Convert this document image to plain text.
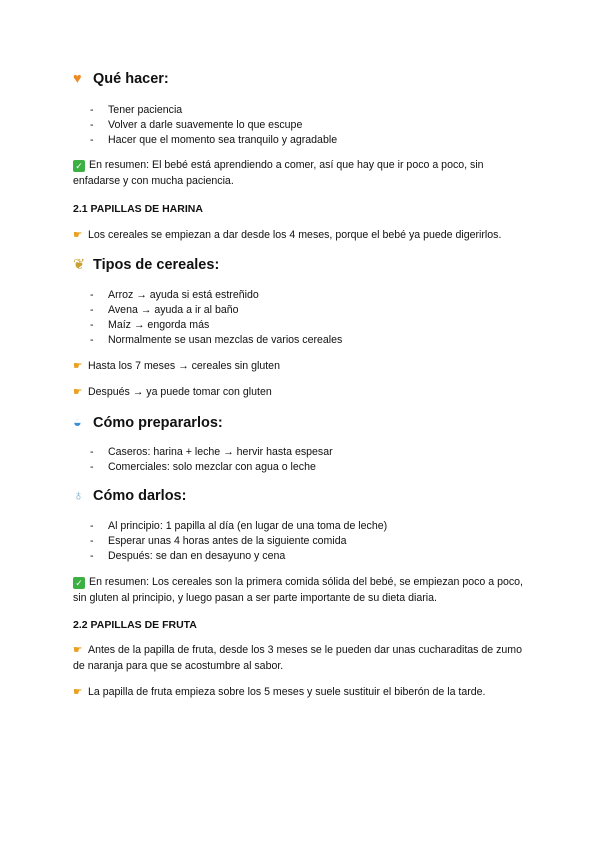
♥ Qué hacer:
- Tener paciencia
- Volver a darle suavemente lo que escupe
- Hacer que el momento sea tranquilo y agradable
✓ En resumen: El bebé está aprendiendo a comer, así que hay que ir poco a poco, sin enfadarse y con mucha paciencia.
2.1 PAPILLAS DE HARINA
☛ Los cereales se empiezan a dar desde los 4 meses, porque el bebé ya puede digerirlos.
❦ Tipos de cereales:
- Arroz → ayuda si está estreñido
- Avena → ayuda a ir al baño
- Maíz → engorda más
- Normalmente se usan mezclas de varios cereales
☛ Hasta los 7 meses → cereales sin gluten
☛ Después → ya puede tomar con gluten
◒ Cómo prepararlos:
- Caseros: harina + leche → hervir hasta espesar
- Comerciales: solo mezclar con agua o leche
♁ Cómo darlos:
- Al principio: 1 papilla al día (en lugar de una toma de leche)
- Esperar unas 4 horas antes de la siguiente comida
- Después: se dan en desayuno y cena
✓ En resumen: Los cereales son la primera comida sólida del bebé, se empiezan poco a poco, sin gluten al principio, y luego pasan a ser parte importante de su dieta diaria.
2.2 PAPILLAS DE FRUTA
☛ Antes de la papilla de fruta, desde los 3 meses se le pueden dar unas cucharaditas de zumo de naranja para que se acostumbre al sabor.
☛ La papilla de fruta empieza sobre los 5 meses y suele sustituir el biberón de la tarde.
